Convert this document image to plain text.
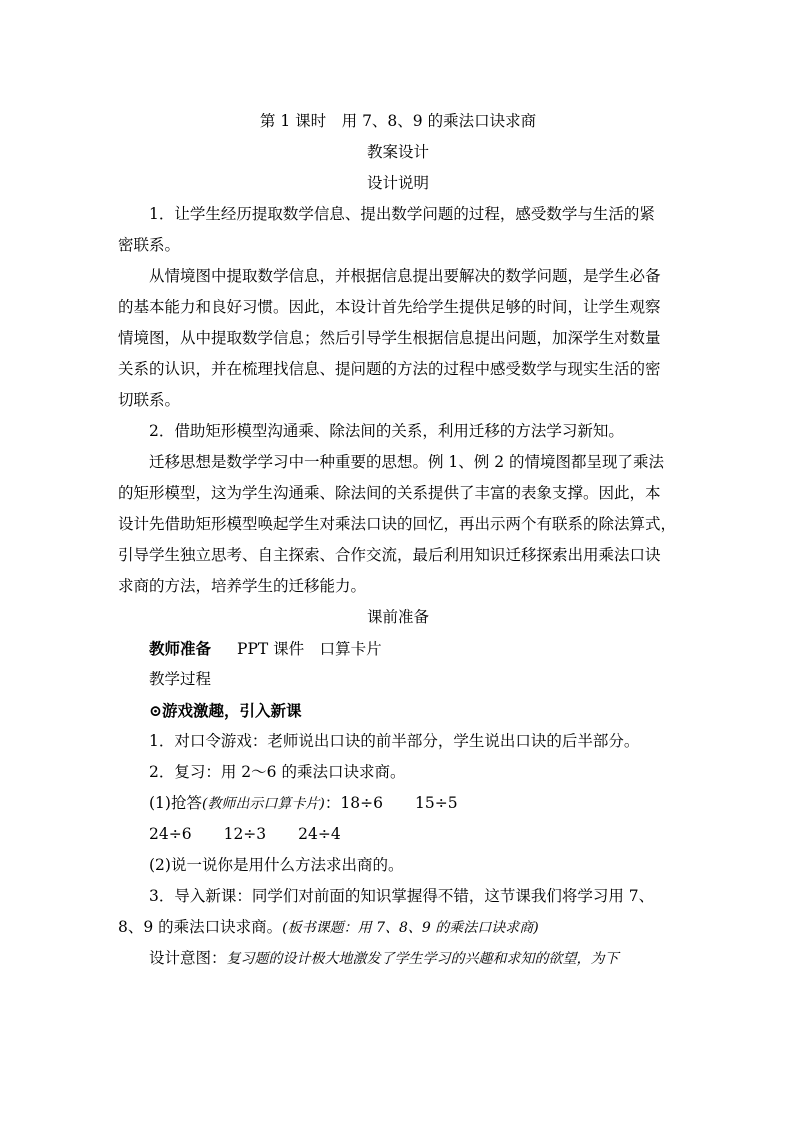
第 1 课时　用 7、8、9 的乘法口诀求商
教案设计
设计说明
1．让学生经历提取数学信息、提出数学问题的过程，感受数学与生活的紧
密联系。
从情境图中提取数学信息，并根据信息提出要解决的数学问题，是学生必备
的基本能力和良好习惯。因此，本设计首先给学生提供足够的时间，让学生观察
情境图，从中提取数学信息；然后引导学生根据信息提出问题，加深学生对数量
关系的认识，并在梳理找信息、提问题的方法的过程中感受数学与现实生活的密
切联系。
2．借助矩形模型沟通乘、除法间的关系，利用迁移的方法学习新知。
迁移思想是数学学习中一种重要的思想。例 1、例 2 的情境图都呈现了乘法
的矩形模型，这为学生沟通乘、除法间的关系提供了丰富的表象支撑。因此，本
设计先借助矩形模型唤起学生对乘法口诀的回忆，再出示两个有联系的除法算式，
引导学生独立思考、自主探索、合作交流，最后利用知识迁移探索出用乘法口诀
求商的方法，培养学生的迁移能力。
课前准备
教师准备 PPT 课件　口算卡片
教学过程
⊙游戏激趣，引入新课
1．对口令游戏：老师说出口诀的前半部分，学生说出口诀的后半部分。
2．复习：用 2～6 的乘法口诀求商。
(1)抢答(教师出示口算卡片)：18÷6 15÷5
24÷6 12÷3 24÷4
(2)说一说你是用什么方法求出商的。
3．导入新课：同学们对前面的知识掌握得不错，这节课我们将学习用 7、
8、9 的乘法口诀求商。(板书课题：用 7、8、9 的乘法口诀求商)
设计意图：复习题的设计极大地激发了学生学习的兴趣和求知的欲望，为下
